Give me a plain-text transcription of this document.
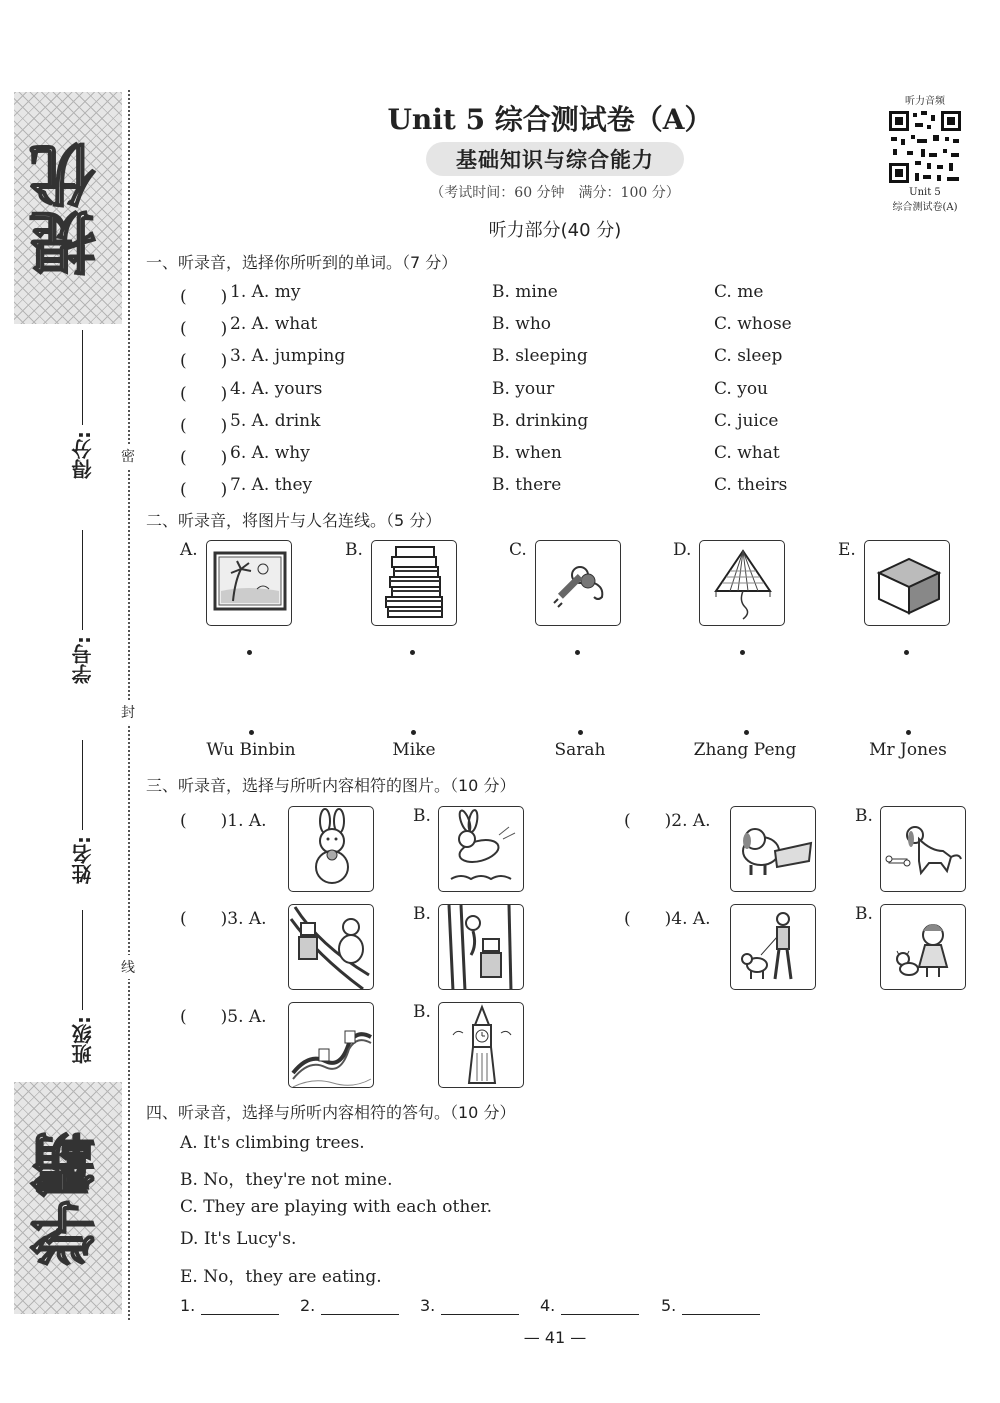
提优
学霸
得分:
学号:
姓名:
班级:
密
封
线
Unit 5 综合测试卷（A）
基础知识与综合能力
（考试时间：60 分钟　满分：100 分）
听力音频
Unit 5
综合测试卷(A)
听力部分(40 分)
一、听录音，选择你所听到的单词。（7 分）
(　　) 1. A. my	B. mine	C. me
(　　) 2. A. what	B. who	C. whose
(　　) 3. A. jumping	B. sleeping	C. sleep
(　　) 4. A. yours	B. your	C. you
(　　) 5. A. drink	B. drinking	C. juice
(　　) 6. A. why	B. when	C. what
(　　) 7. A. they	B. there	C. theirs
二、听录音，将图片与人名连线。（5 分）
A.	B.	C.	D.	E.
Wu Binbin	Mike	Sarah	Zhang Peng	Mr Jones
三、听录音，选择与所听内容相符的图片。（10 分）
(　　)1. A.	B.	(　　)2. A.	B.
(　　)3. A.	B.	(　　)4. A.	B.
(　　)5. A.	B.
四、听录音，选择与所听内容相符的答句。（10 分）
A. It's climbing trees.
B. No，they're not mine.
C. They are playing with each other.
D. It's Lucy's.
E. No，they are eating.
1.	2.	3.	4.	5.
— 41 —
